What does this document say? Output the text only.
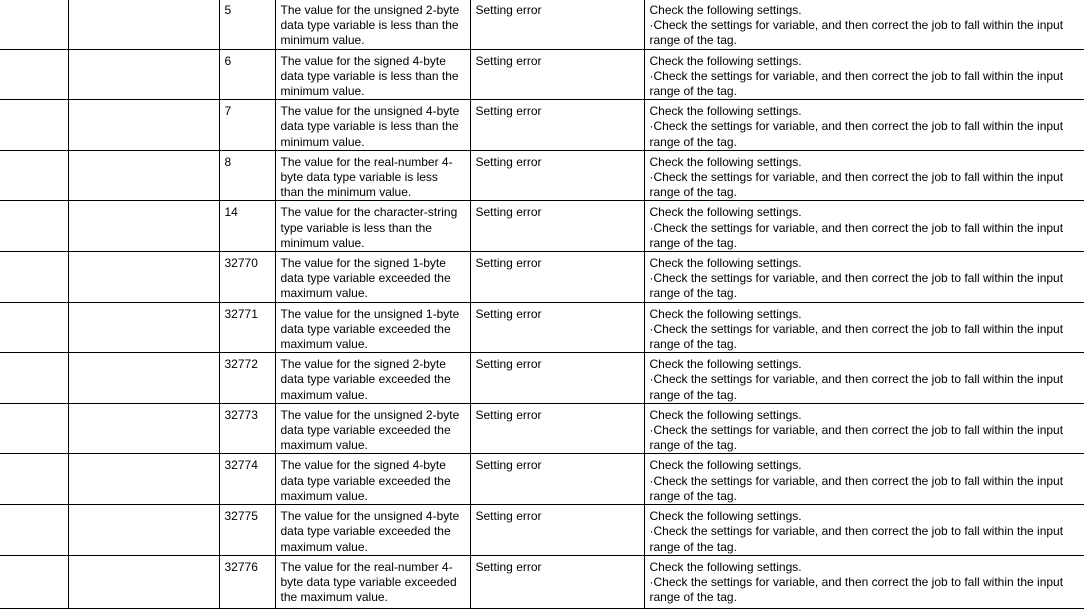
		5	The value for the unsigned 2-byte
data type variable is less than the
minimum value.	Setting error	Check the following settings.
·Check the settings for variable, and then correct the job to fall within the input
range of the tag.

		6	The value for the signed 4-byte
data type variable is less than the
minimum value.	Setting error	Check the following settings.
·Check the settings for variable, and then correct the job to fall within the input
range of the tag.

		7	The value for the unsigned 4-byte
data type variable is less than the
minimum value.	Setting error	Check the following settings.
·Check the settings for variable, and then correct the job to fall within the input
range of the tag.

		8	The value for the real-number 4-
byte data type variable is less
than the minimum value.	Setting error	Check the following settings.
·Check the settings for variable, and then correct the job to fall within the input
range of the tag.

		14	The value for the character-string
type variable is less than the
minimum value.	Setting error	Check the following settings.
·Check the settings for variable, and then correct the job to fall within the input
range of the tag.

		32770	The value for the signed 1-byte
data type variable exceeded the
maximum value.	Setting error	Check the following settings.
·Check the settings for variable, and then correct the job to fall within the input
range of the tag.

		32771	The value for the unsigned 1-byte
data type variable exceeded the
maximum value.	Setting error	Check the following settings.
·Check the settings for variable, and then correct the job to fall within the input
range of the tag.

		32772	The value for the signed 2-byte
data type variable exceeded the
maximum value.	Setting error	Check the following settings.
·Check the settings for variable, and then correct the job to fall within the input
range of the tag.

		32773	The value for the unsigned 2-byte
data type variable exceeded the
maximum value.	Setting error	Check the following settings.
·Check the settings for variable, and then correct the job to fall within the input
range of the tag.

		32774	The value for the signed 4-byte
data type variable exceeded the
maximum value.	Setting error	Check the following settings.
·Check the settings for variable, and then correct the job to fall within the input
range of the tag.

		32775	The value for the unsigned 4-byte
data type variable exceeded the
maximum value.	Setting error	Check the following settings.
·Check the settings for variable, and then correct the job to fall within the input
range of the tag.

		32776	The value for the real-number 4-
byte data type variable exceeded
the maximum value.	Setting error	Check the following settings.
·Check the settings for variable, and then correct the job to fall within the input
range of the tag.
